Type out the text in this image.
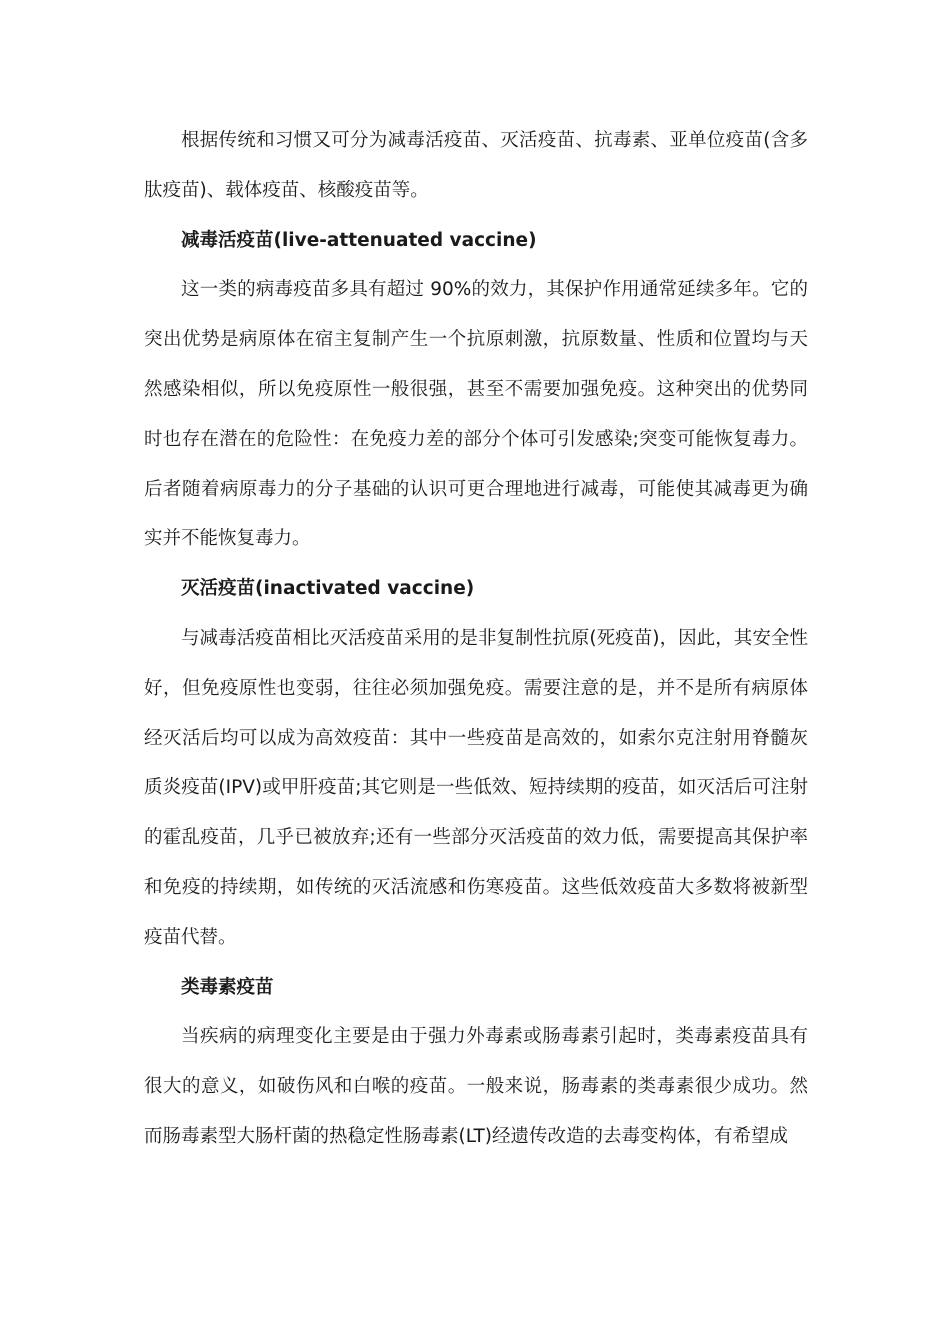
根据传统和习惯又可分为减毒活疫苗、灭活疫苗、抗毒素、亚单位疫苗(含多肽疫苗)、载体疫苗、核酸疫苗等。

减毒活疫苗(live-attenuated vaccine)

这一类的病毒疫苗多具有超过 90%的效力，其保护作用通常延续多年。它的突出优势是病原体在宿主复制产生一个抗原刺激，抗原数量、性质和位置均与天然感染相似，所以免疫原性一般很强，甚至不需要加强免疫。这种突出的优势同时也存在潜在的危险性：在免疫力差的部分个体可引发感染;突变可能恢复毒力。后者随着病原毒力的分子基础的认识可更合理地进行减毒，可能使其减毒更为确实并不能恢复毒力。

灭活疫苗(inactivated vaccine)

与减毒活疫苗相比灭活疫苗采用的是非复制性抗原(死疫苗)，因此，其安全性好，但免疫原性也变弱，往往必须加强免疫。需要注意的是，并不是所有病原体经灭活后均可以成为高效疫苗：其中一些疫苗是高效的，如索尔克注射用脊髓灰质炎疫苗(IPV)或甲肝疫苗;其它则是一些低效、短持续期的疫苗，如灭活后可注射的霍乱疫苗，几乎已被放弃;还有一些部分灭活疫苗的效力低，需要提高其保护率和免疫的持续期，如传统的灭活流感和伤寒疫苗。这些低效疫苗大多数将被新型疫苗代替。

类毒素疫苗

当疾病的病理变化主要是由于强力外毒素或肠毒素引起时，类毒素疫苗具有很大的意义，如破伤风和白喉的疫苗。一般来说，肠毒素的类毒素很少成功。然而肠毒素型大肠杆菌的热稳定性肠毒素(LT)经遗传改造的去毒变构体，有希望成
